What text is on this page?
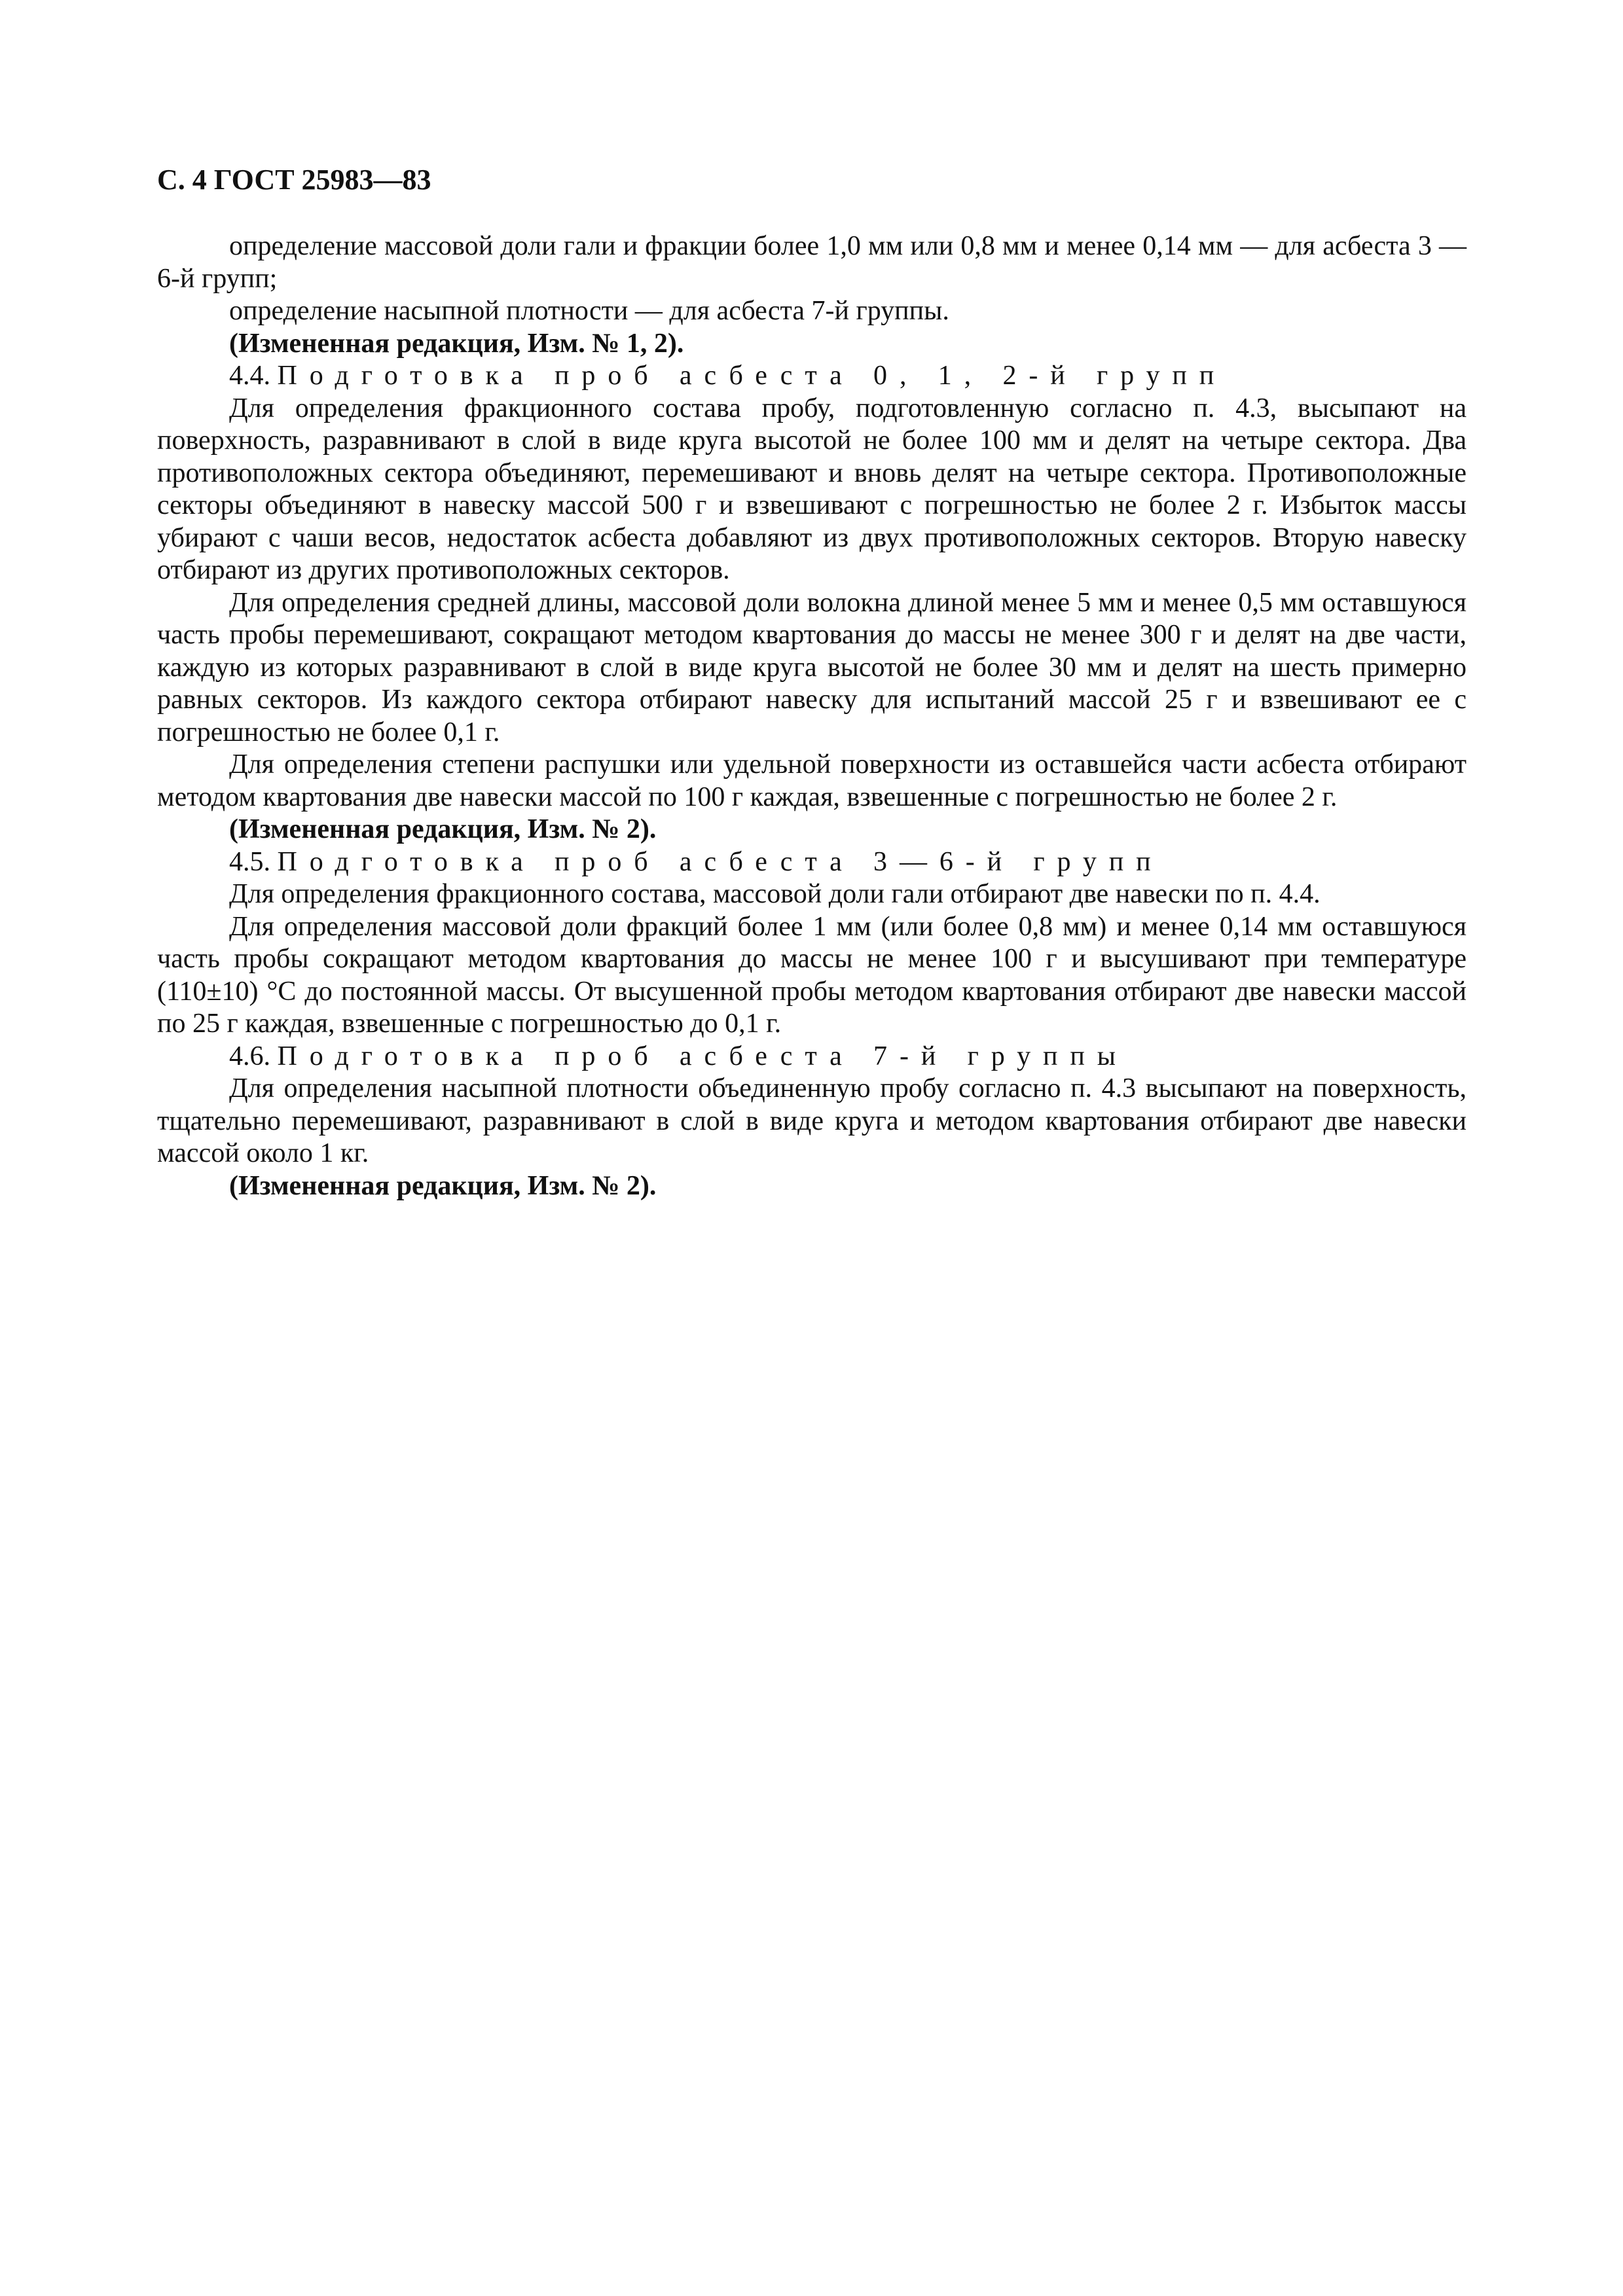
С. 4 ГОСТ 25983—83

определение массовой доли гали и фракции более 1,0 мм или 0,8 мм и менее 0,14 мм — для асбеста 3 — 6-й групп;

определение насыпной плотности — для асбеста 7-й группы.

(Измененная редакция, Изм. № 1, 2).

4.4. Подготовка проб асбеста 0, 1, 2-й групп

Для определения фракционного состава пробу, подготовленную согласно п. 4.3, высыпают на поверхность, разравнивают в слой в виде круга высотой не более 100 мм и делят на четыре сектора. Два противоположных сектора объединяют, перемешивают и вновь делят на четыре сектора. Противоположные секторы объединяют в навеску массой 500 г и взвешивают с погрешностью не более 2 г. Избыток массы убирают с чаши весов, недостаток асбеста добавляют из двух противоположных секторов. Вторую навеску отбирают из других противоположных секторов.

Для определения средней длины, массовой доли волокна длиной менее 5 мм и менее 0,5 мм оставшуюся часть пробы перемешивают, сокращают методом квартования до массы не менее 300 г и делят на две части, каждую из которых разравнивают в слой в виде круга высотой не более 30 мм и делят на шесть примерно равных секторов. Из каждого сектора отбирают навеску для испытаний массой 25 г и взвешивают ее с погрешностью не более 0,1 г.

Для определения степени распушки или удельной поверхности из оставшейся части асбеста отбирают методом квартования две навески массой по 100 г каждая, взвешенные с погрешностью не более 2 г.

(Измененная редакция, Изм. № 2).

4.5. Подготовка проб асбеста 3—6-й групп

Для определения фракционного состава, массовой доли гали отбирают две навески по п. 4.4.

Для определения массовой доли фракций более 1 мм (или более 0,8 мм) и менее 0,14 мм оставшуюся часть пробы сокращают методом квартования до массы не менее 100 г и высушивают при температуре (110±10) °С до постоянной массы. От высушенной пробы методом квартования отбирают две навески массой по 25 г каждая, взвешенные с погрешностью до 0,1 г.

4.6. Подготовка проб асбеста 7-й группы

Для определения насыпной плотности объединенную пробу согласно п. 4.3 высыпают на поверхность, тщательно перемешивают, разравнивают в слой в виде круга и методом квартования отбирают две навески массой около 1 кг.

(Измененная редакция, Изм. № 2).
